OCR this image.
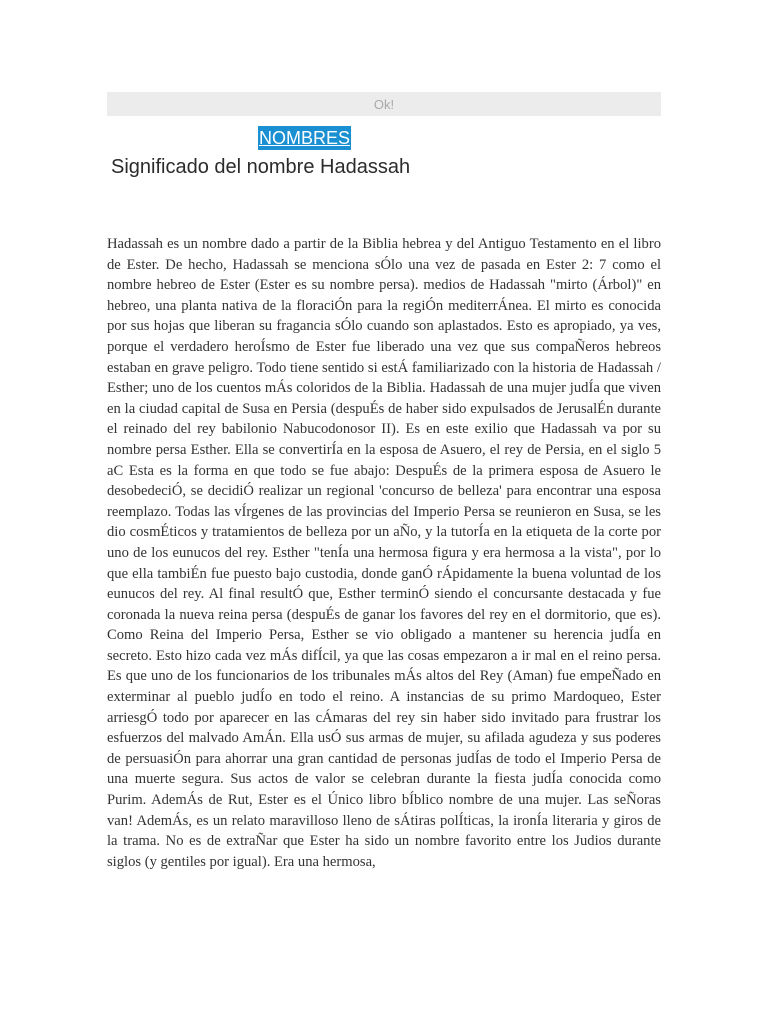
Ok!
NOMBRES
Significado del nombre Hadassah

Hadassah es un nombre dado a partir de la Biblia hebrea y del Antiguo Testamento en el libro de Ester. De hecho, Hadassah se menciona sÓlo una vez de pasada en Ester 2: 7 como el nombre hebreo de Ester (Ester es su nombre persa). medios de Hadassah "mirto (Árbol)" en hebreo, una planta nativa de la floraciÓn para la regiÓn mediterrÁnea. El mirto es conocida por sus hojas que liberan su fragancia sÓlo cuando son aplastados. Esto es apropiado, ya ves, porque el verdadero heroÍsmo de Ester fue liberado una vez que sus compaÑeros hebreos estaban en grave peligro. Todo tiene sentido si estÁ familiarizado con la historia de Hadassah / Esther; uno de los cuentos mÁs coloridos de la Biblia. Hadassah de una mujer judÍa que viven en la ciudad capital de Susa en Persia (despuÉs de haber sido expulsados de JerusalÉn durante el reinado del rey babilonio Nabucodonosor II). Es en este exilio que Hadassah va por su nombre persa Esther. Ella se convertirÍa en la esposa de Asuero, el rey de Persia, en el siglo 5 aC Esta es la forma en que todo se fue abajo: DespuÉs de la primera esposa de Asuero le desobedeciÓ, se decidiÓ realizar un regional 'concurso de belleza' para encontrar una esposa reemplazo. Todas las vÍrgenes de las provincias del Imperio Persa se reunieron en Susa, se les dio cosmÉticos y tratamientos de belleza por un aÑo, y la tutorÍa en la etiqueta de la corte por uno de los eunucos del rey. Esther "tenÍa una hermosa figura y era hermosa a la vista", por lo que ella tambiÉn fue puesto bajo custodia, donde ganÓ rÁpidamente la buena voluntad de los eunucos del rey. Al final resultÓ que, Esther terminÓ siendo el concursante destacada y fue coronada la nueva reina persa (despuÉs de ganar los favores del rey en el dormitorio, que es). Como Reina del Imperio Persa, Esther se vio obligado a mantener su herencia judÍa en secreto. Esto hizo cada vez mÁs difÍcil, ya que las cosas empezaron a ir mal en el reino persa. Es que uno de los funcionarios de los tribunales mÁs altos del Rey (Aman) fue empeÑado en exterminar al pueblo judÍo en todo el reino. A instancias de su primo Mardoqueo, Ester arriesgÓ todo por aparecer en las cÁmaras del rey sin haber sido invitado para frustrar los esfuerzos del malvado AmÁn. Ella usÓ sus armas de mujer, su afilada agudeza y sus poderes de persuasiÓn para ahorrar una gran cantidad de personas judÍas de todo el Imperio Persa de una muerte segura. Sus actos de valor se celebran durante la fiesta judÍa conocida como Purim. AdemÁs de Rut, Ester es el Único libro bÍblico nombre de una mujer. Las seÑoras van! AdemÁs, es un relato maravilloso lleno de sÁtiras polÍticas, la ironÍa literaria y giros de la trama. No es de extraÑar que Ester ha sido un nombre favorito entre los Judios durante siglos (y gentiles por igual). Era una hermosa,
